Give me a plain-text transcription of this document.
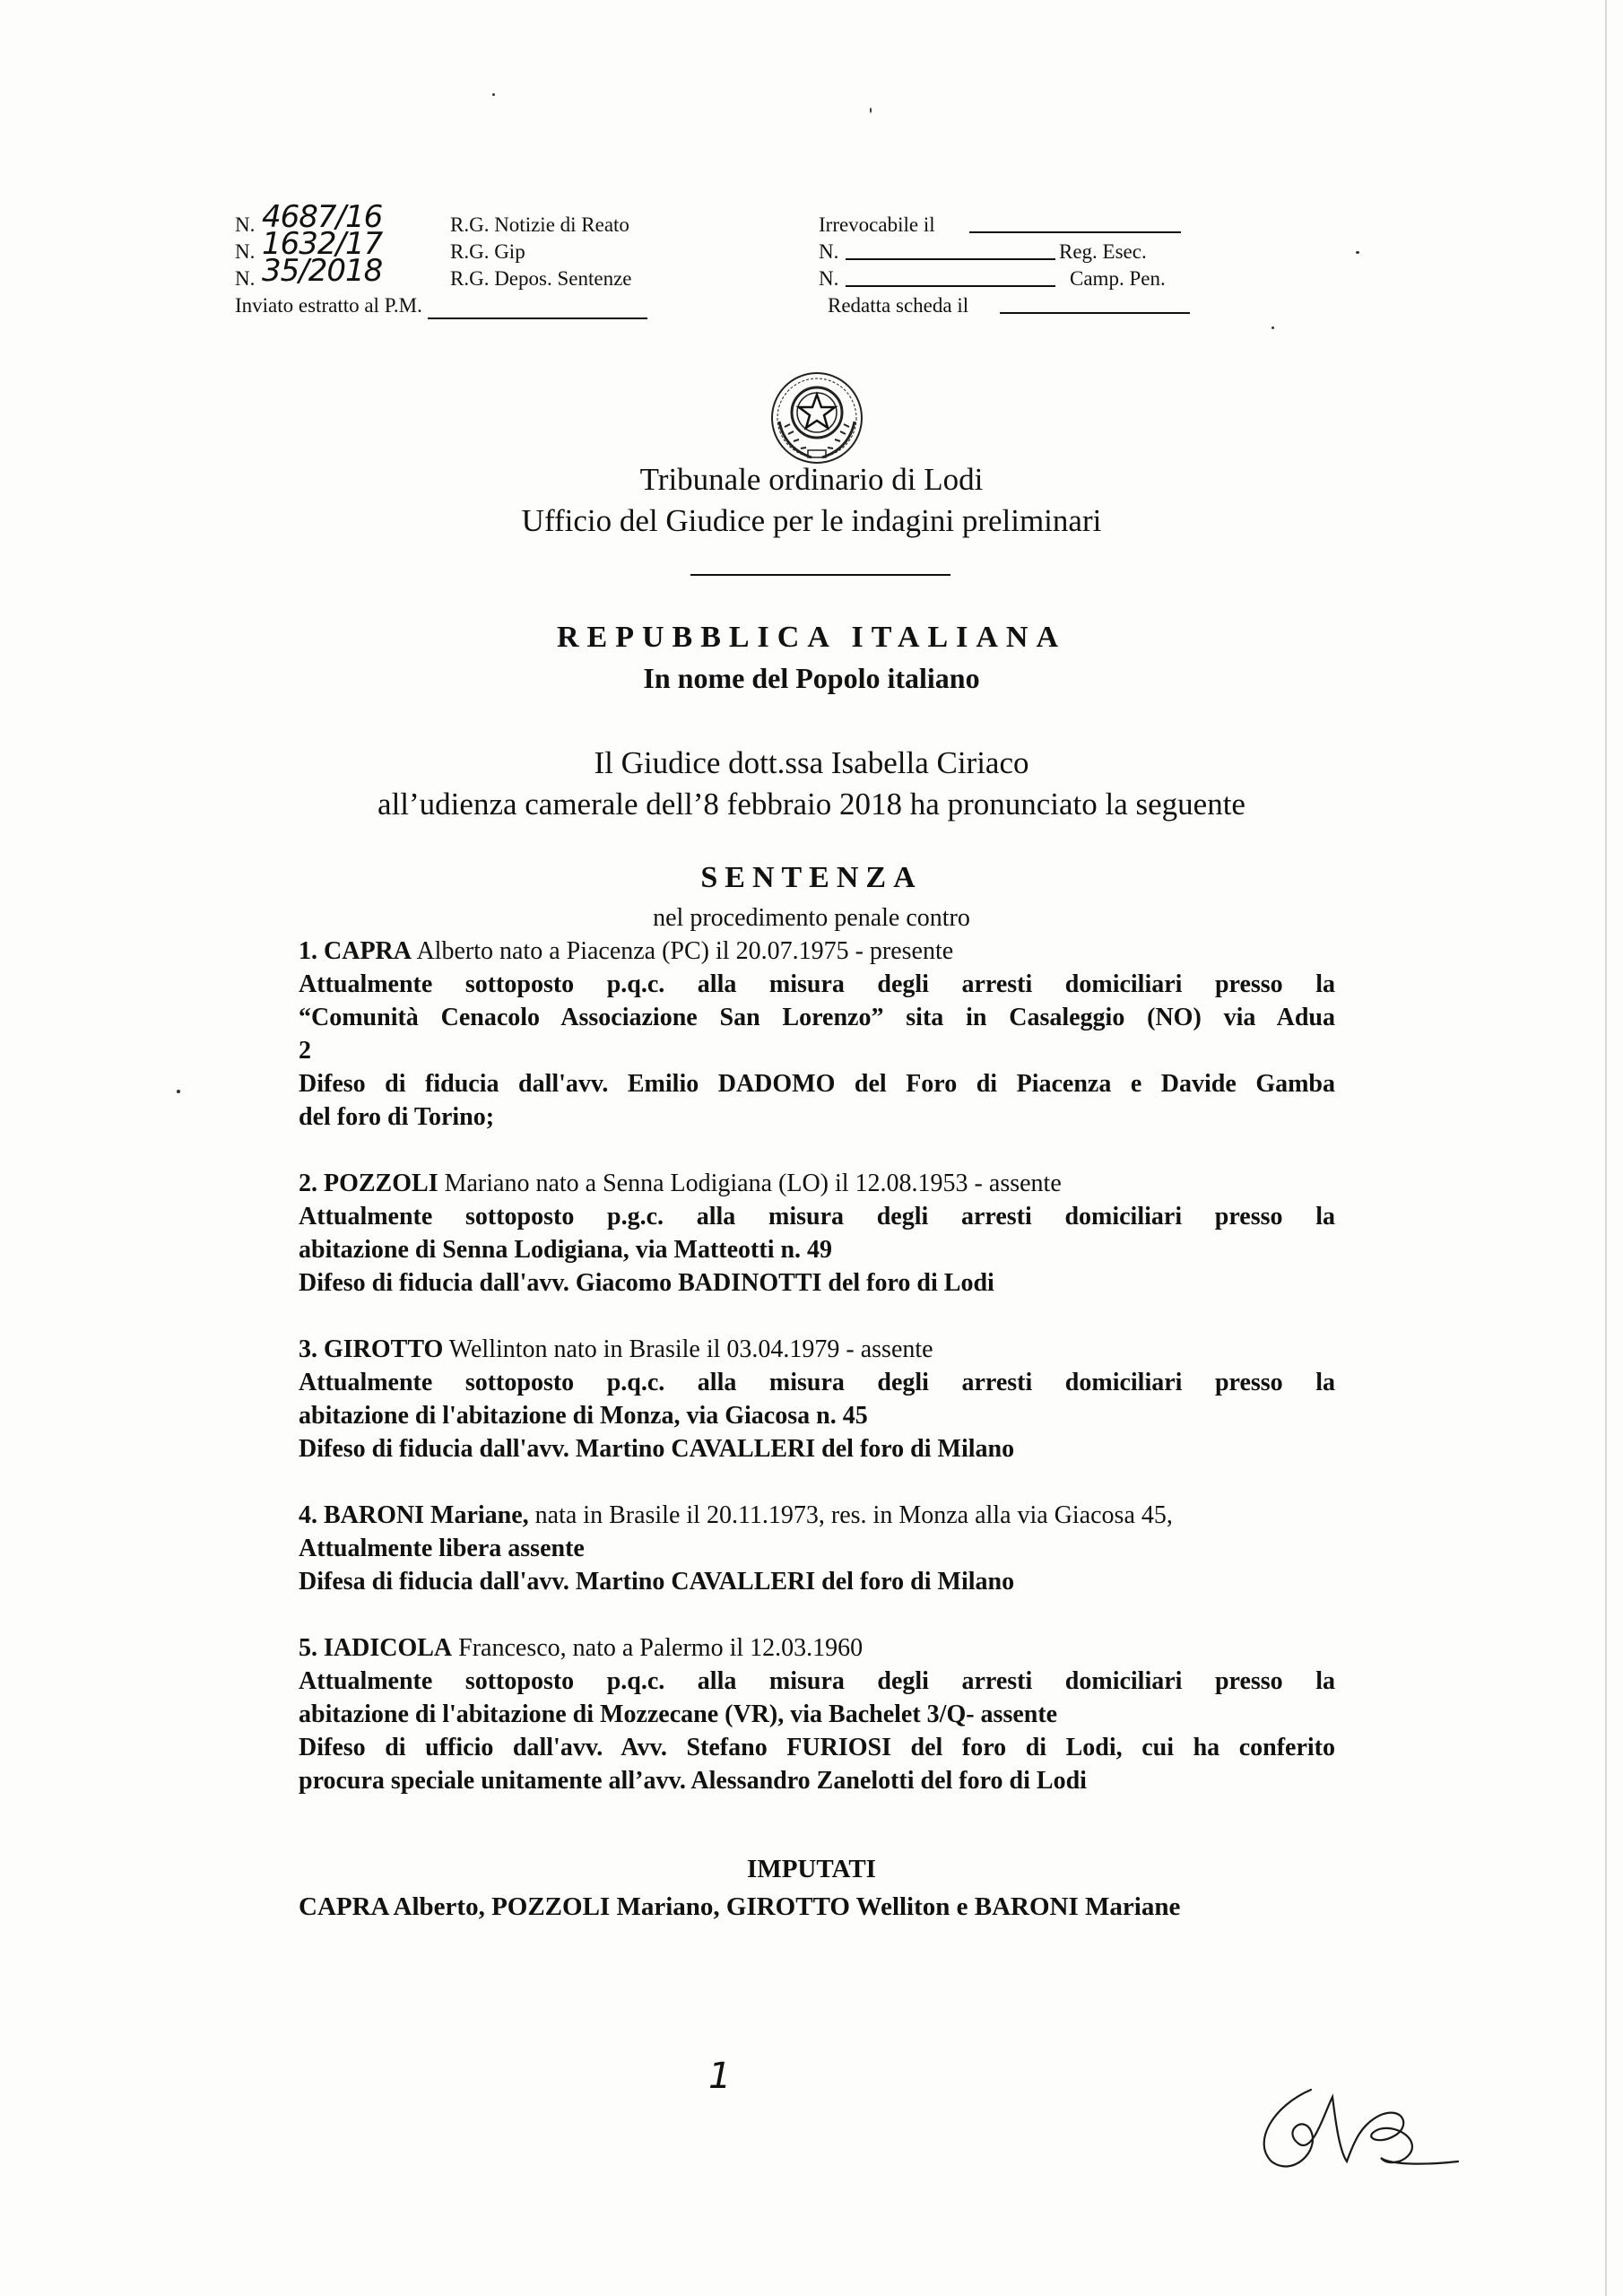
N. 4687/16	R.G. Notizie di Reato
N. 1632/17	R.G. Gip
N. 35/2018	R.G. Depos. Sentenze
Inviato estratto al P.M.
Irrevocabile il
N.	Reg. Esec.
N.	Camp. Pen.
Redatta scheda il
Tribunale ordinario di Lodi
Ufficio del Giudice per le indagini preliminari
REPUBBLICA ITALIANA
In nome del Popolo italiano
Il Giudice dott.ssa Isabella Ciriaco
all’udienza camerale dell’8 febbraio 2018 ha pronunciato la seguente
SENTENZA
nel procedimento penale contro
1. CAPRA Alberto nato a Piacenza (PC) il 20.07.1975 - presente
Attualmente sottoposto p.q.c. alla misura degli arresti domiciliari presso la
“Comunità Cenacolo Associazione San Lorenzo” sita in Casaleggio (NO) via Adua
2
Difeso di fiducia dall'avv. Emilio DADOMO del Foro di Piacenza e Davide Gamba
del foro di Torino;
2. POZZOLI Mariano nato a Senna Lodigiana (LO) il 12.08.1953 - assente
Attualmente sottoposto p.g.c. alla misura degli arresti domiciliari presso la
abitazione di Senna Lodigiana, via Matteotti n. 49
Difeso di fiducia dall'avv. Giacomo BADINOTTI del foro di Lodi
3. GIROTTO Wellinton nato in Brasile il 03.04.1979 - assente
Attualmente sottoposto p.q.c. alla misura degli arresti domiciliari presso la
abitazione di l'abitazione di Monza, via Giacosa n. 45
Difeso di fiducia dall'avv. Martino CAVALLERI del foro di Milano
4. BARONI Mariane, nata in Brasile il 20.11.1973, res. in Monza alla via Giacosa 45,
Attualmente libera assente
Difesa di fiducia dall'avv. Martino CAVALLERI del foro di Milano
5. IADICOLA Francesco, nato a Palermo il 12.03.1960
Attualmente sottoposto p.q.c. alla misura degli arresti domiciliari presso la
abitazione di l'abitazione di Mozzecane (VR), via Bachelet 3/Q- assente
Difeso di ufficio dall'avv. Avv. Stefano FURIOSI del foro di Lodi, cui ha conferito
procura speciale unitamente all’avv. Alessandro Zanelotti del foro di Lodi
IMPUTATI
CAPRA Alberto, POZZOLI Mariano, GIROTTO Welliton e BARONI Mariane
1
